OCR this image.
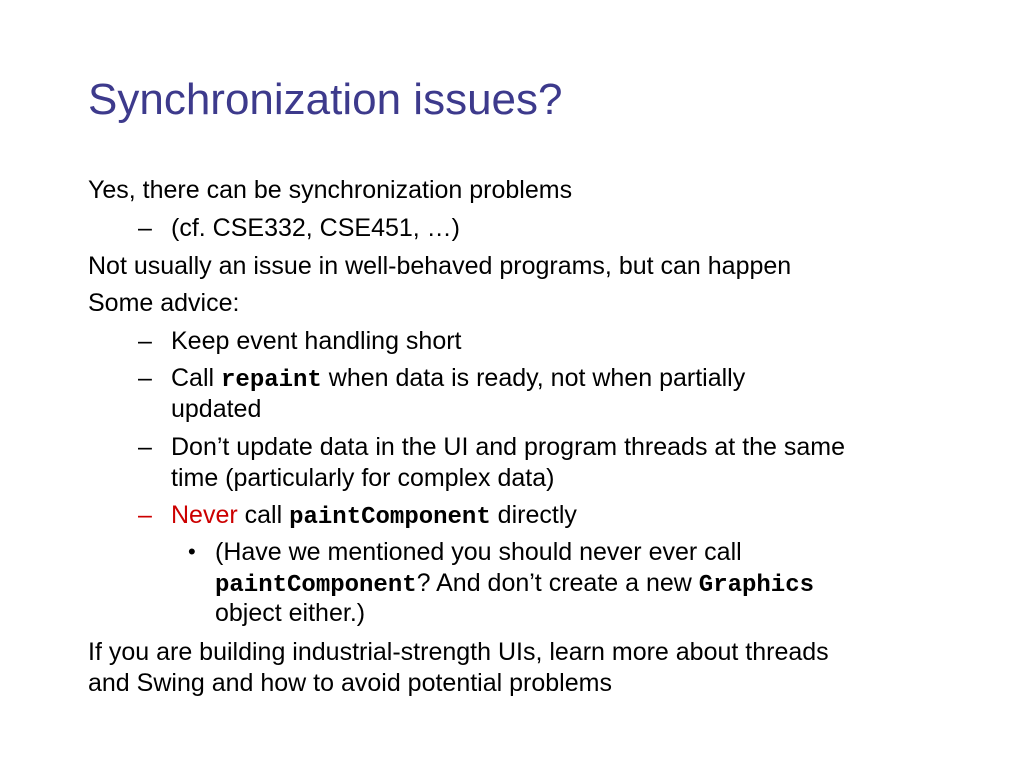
Synchronization issues?
Yes, there can be synchronization problems
– (cf. CSE332, CSE451, …)
Not usually an issue in well-behaved programs, but can happen
Some advice:
– Keep event handling short
– Call repaint when data is ready, not when partially
updated
– Don’t update data in the UI and program threads at the same
time (particularly for complex data)
– Never call paintComponent directly
• (Have we mentioned you should never ever call
paintComponent? And don’t create a new Graphics
object either.)
If you are building industrial-strength UIs, learn more about threads
and Swing and how to avoid potential problems
